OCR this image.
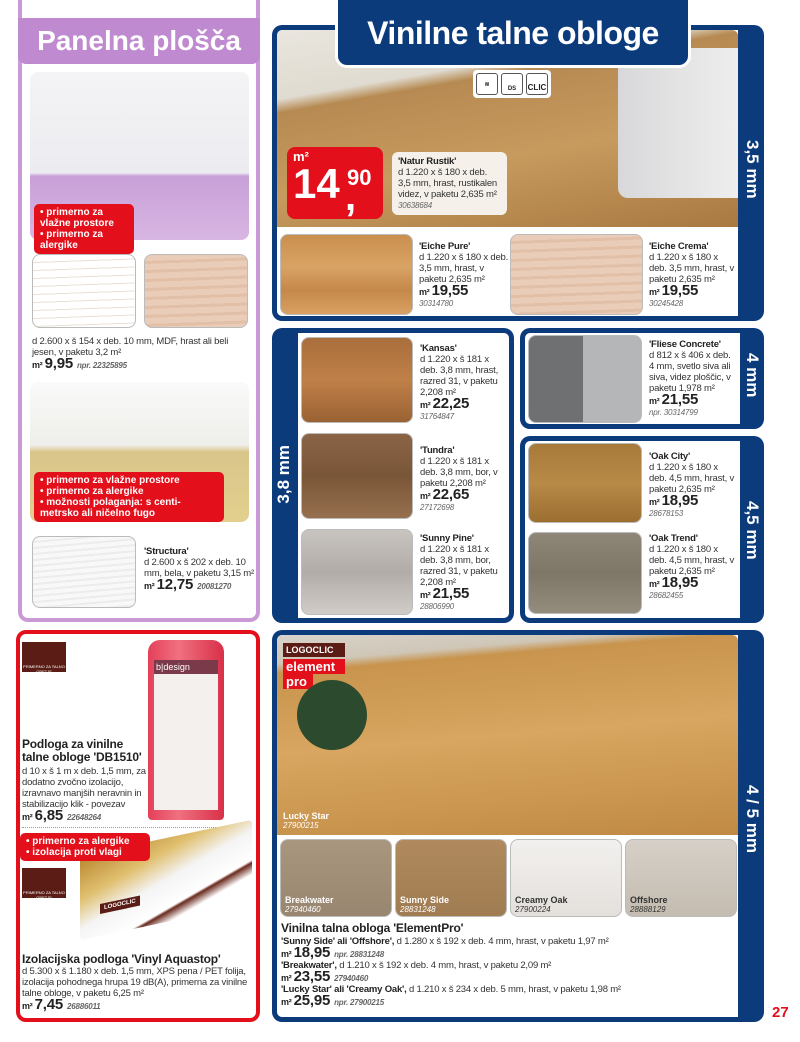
Panelna plošča
• primerno za vlažne prostore
• primerno za alergike
d 2.600 x š 154 x deb. 10 mm, MDF, hrast ali beli jesen, v paketu 3,2 m²
m² 9,95 npr. 22325895
• primerno za vlažne prostore
• primerno za alergike
• možnosti polaganja: s centi-metrsko ali ničelno fugo
'Structura'
d 2.600 x š 202 x deb. 10 mm, bela, v paketu 3,15 m²
m² 12,75 20081270
PRIMERNO ZA TALNO GRETJE	b|design
Podloga za vinilne talne obloge 'DB1510'
d 10 x š 1 m x deb. 1,5 mm, za dodatno zvočno izolacijo, izravnavo manjših neravnin in stabilizacijo klik - povezav
m² 6,85 22648264
• primerno za alergike
• izolacija proti vlagi
PRIMERNO ZA TALNO GRETJE
LOGOCLIC
Izolacijska podloga 'Vinyl Aquastop'
d 5.300 x š 1.180 x deb. 1,5 mm, XPS pena / PET folija, izolacija pohodnega hrupa 19 dB(A), primerna za vinilne talne obloge, v paketu 6,25 m²
m² 7,45 26886011
m²
14 90
,
'Natur Rustik'
d 1.220 x š 180 x deb. 3,5 mm, hrast, rustikalen videz, v paketu 2,635 m²
30638684
≋
DS	CLIC
'Eiche Pure'
d 1.220 x š 180 x deb. 3,5 mm, hrast, v paketu 2,635 m²
m² 19,55
30314780
'Eiche Crema'
d 1.220 x š 180 x deb. 3,5 mm, hrast, v paketu 2,635 m²
m² 19,55
30245428
3,5 mm
Vinilne talne obloge
3,8 mm
'Kansas'
d 1.220 x š 181 x deb. 3,8 mm, hrast, razred 31, v paketu 2,208 m²
m² 22,25
31764847
'Tundra'
d 1.220 x š 181 x deb. 3,8 mm, bor, v paketu 2,208 m²
m² 22,65
27172698
'Sunny Pine'
d 1.220 x š 181 x deb. 3,8 mm, bor, razred 31, v paketu 2,208 m²
m² 21,55
28806990
'Fliese Concrete'
d 812 x š 406 x deb. 4 mm, svetlo siva ali siva, videz ploščic, v paketu 1,978 m²
m² 21,55
npr. 30314799
4 mm
'Oak City'
d 1.220 x š 180 x deb. 4,5 mm, hrast, v paketu 2,635 m²
m² 18,95
28678153
'Oak Trend'
d 1.220 x š 180 x deb. 4,5 mm, hrast, v paketu 2,635 m²
m² 18,95
28682455
4,5 mm
LOGOCLIC
element
pro
Lucky Star
27900215
Breakwater
27940460
Sunny Side
28831248
Creamy Oak
27900224
Offshore
28888129
Vinilna talna obloga 'ElementPro'
'Sunny Side' ali 'Offshore', d 1.280 x š 192 x deb. 4 mm, hrast, v paketu 1,97 m²
m² 18,95 npr. 28831248
'Breakwater', d 1.210 x š 192 x deb. 4 mm, hrast, v paketu 2,09 m²
m² 23,55 27940460
'Lucky Star' ali 'Creamy Oak', d 1.210 x š 234 x deb. 5 mm, hrast, v paketu 1,98 m²
m² 25,95 npr. 27900215
4 / 5 mm
27
